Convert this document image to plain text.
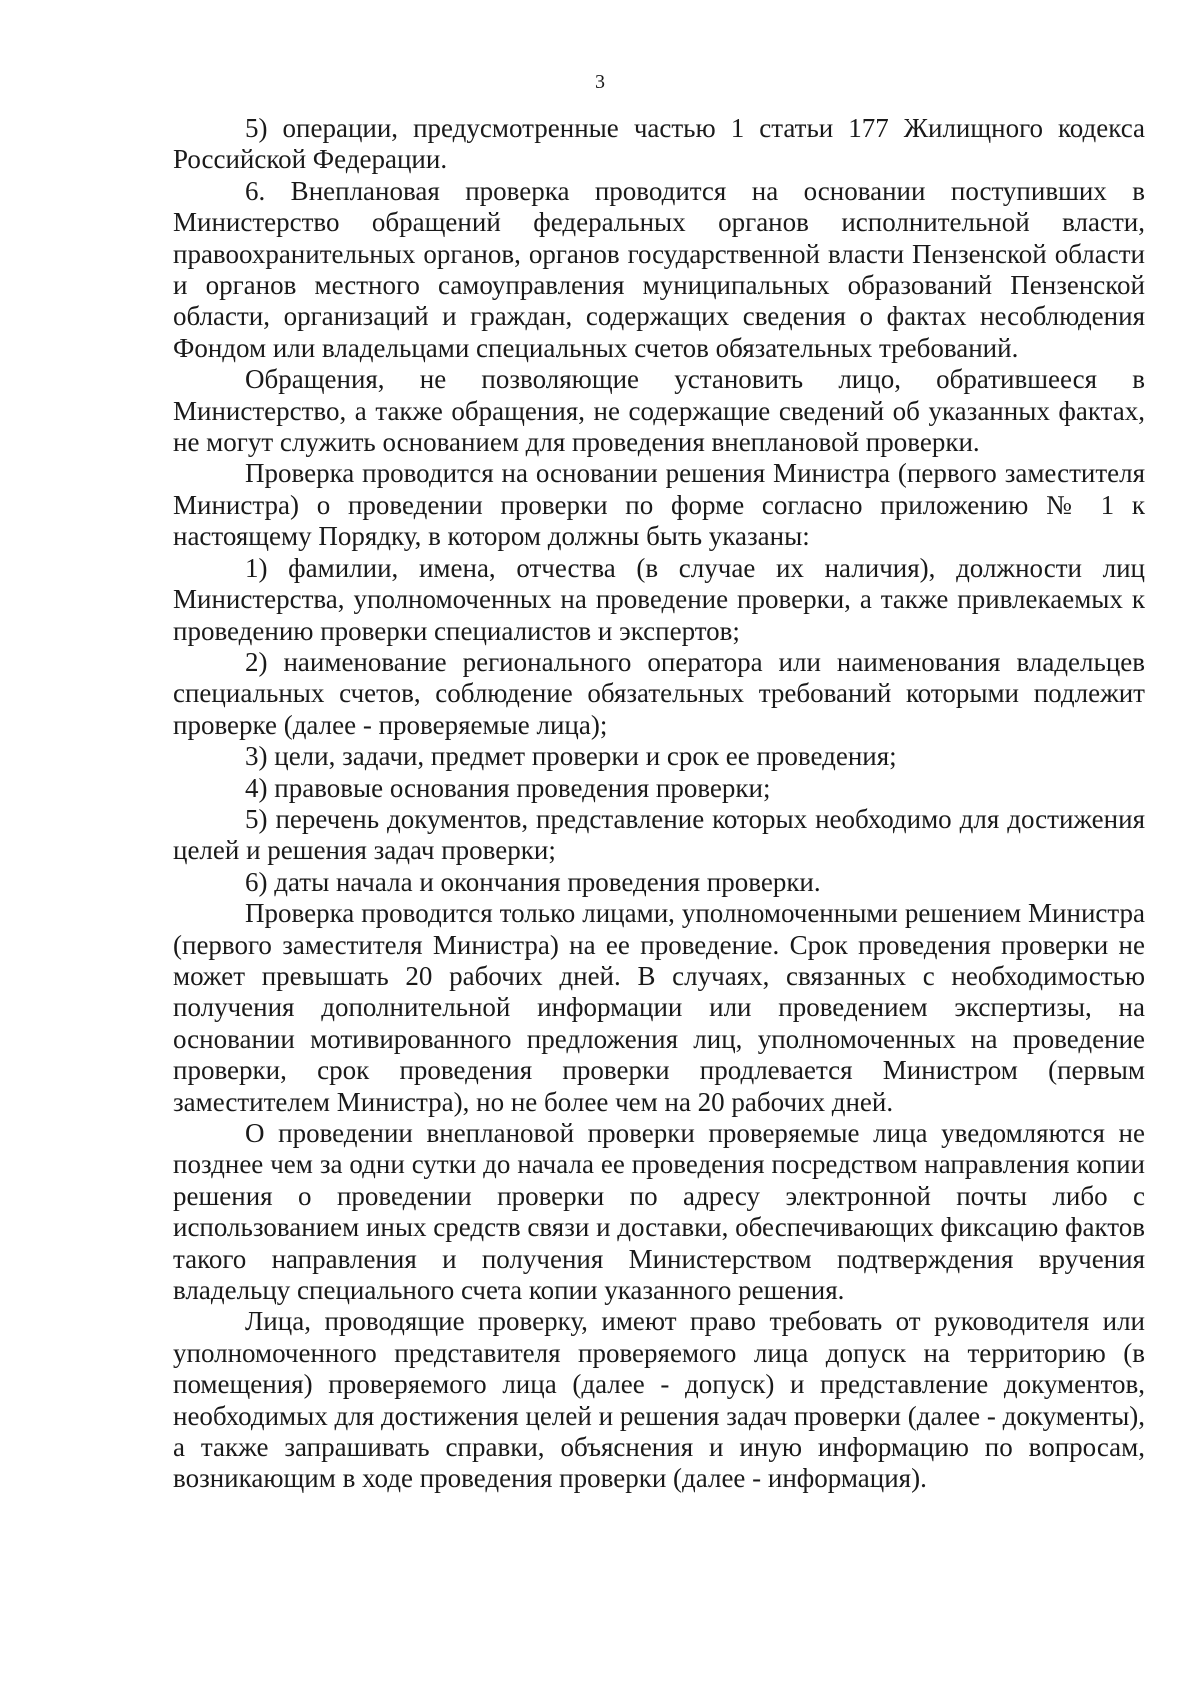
3

5) операции, предусмотренные частью 1 статьи 177 Жилищного кодекса Российской Федерации.

6. Внеплановая проверка проводится на основании поступивших в Министерство обращений федеральных органов исполнительной власти, правоохранительных органов, органов государственной власти Пензенской области и органов местного самоуправления муниципальных образований Пензенской области, организаций и граждан, содержащих сведения о фактах несоблюдения Фондом или владельцами специальных счетов обязательных требований.

Обращения, не позволяющие установить лицо, обратившееся в Министерство, а также обращения, не содержащие сведений об указанных фактах, не могут служить основанием для проведения внеплановой проверки.

Проверка проводится на основании решения Министра (первого заместителя Министра) о проведении проверки по форме согласно приложению № 1 к настоящему Порядку, в котором должны быть указаны:

1) фамилии, имена, отчества (в случае их наличия), должности лиц Министерства, уполномоченных на проведение проверки, а также привлекаемых к проведению проверки специалистов и экспертов;

2) наименование регионального оператора или наименования владельцев специальных счетов, соблюдение обязательных требований которыми подлежит проверке (далее - проверяемые лица);

3) цели, задачи, предмет проверки и срок ее проведения;

4) правовые основания проведения проверки;

5) перечень документов, представление которых необходимо для достижения целей и решения задач проверки;

6) даты начала и окончания проведения проверки.

Проверка проводится только лицами, уполномоченными решением Министра (первого заместителя Министра) на ее проведение. Срок проведения проверки не может превышать 20 рабочих дней. В случаях, связанных с необходимостью получения дополнительной информации или проведением экспертизы, на основании мотивированного предложения лиц, уполномоченных на проведение проверки, срок проведения проверки продлевается Министром (первым заместителем Министра), но не более чем на 20 рабочих дней.

О проведении внеплановой проверки проверяемые лица уведомляются не позднее чем за одни сутки до начала ее проведения посредством направления копии решения о проведении проверки по адресу электронной почты либо с использованием иных средств связи и доставки, обеспечивающих фиксацию фактов такого направления и получения Министерством подтверждения вручения владельцу специального счета копии указанного решения.

Лица, проводящие проверку, имеют право требовать от руководителя или уполномоченного представителя проверяемого лица допуск на территорию (в помещения) проверяемого лица (далее - допуск) и представление документов, необходимых для достижения целей и решения задач проверки (далее - документы), а также запрашивать справки, объяснения и иную информацию по вопросам, возникающим в ходе проведения проверки (далее - информация).
